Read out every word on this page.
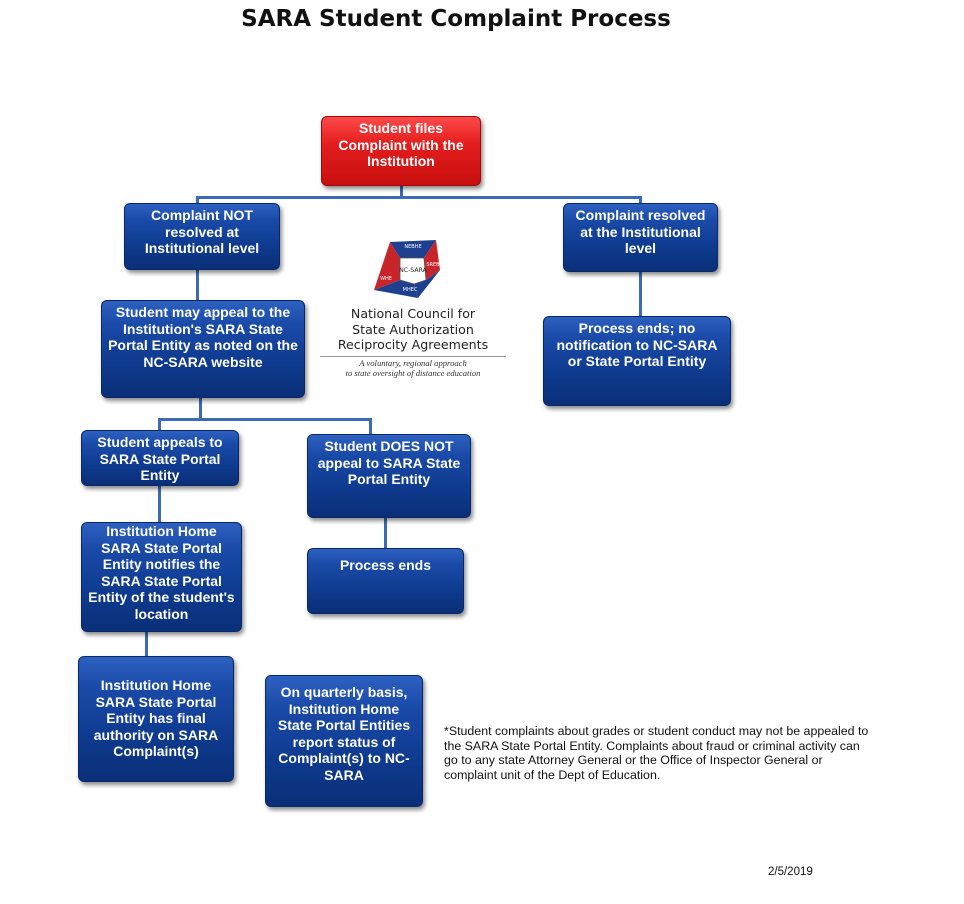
SARA Student Complaint Process
Student files Complaint with the Institution
Complaint NOT resolved at Institutional level
Complaint resolved at the Institutional level
Student may appeal to the Institution's SARA State Portal Entity as noted on the NC-SARA website
Process ends; no notification to NC-SARA or State Portal Entity
Student appeals to SARA State Portal Entity
Student DOES NOT appeal to SARA State Portal Entity
Institution Home SARA State Portal Entity notifies the SARA State Portal Entity of the student's location
Process ends
Institution Home SARA State Portal Entity has final authority on SARA Complaint(s)
On quarterly basis, Institution Home State Portal Entities report status of Complaint(s) to NC-SARA
NEBHE
SREB
WHE
MHEC
NC-SARA
National Council for
State Authorization
Reciprocity Agreements
A voluntary, regional approach
to state oversight of distance education
*Student complaints about grades or student conduct may not be appealed to the SARA State Portal Entity. Complaints about fraud or criminal activity can go to any state Attorney General or the Office of Inspector General or complaint unit of the Dept of Education.
2/5/2019
